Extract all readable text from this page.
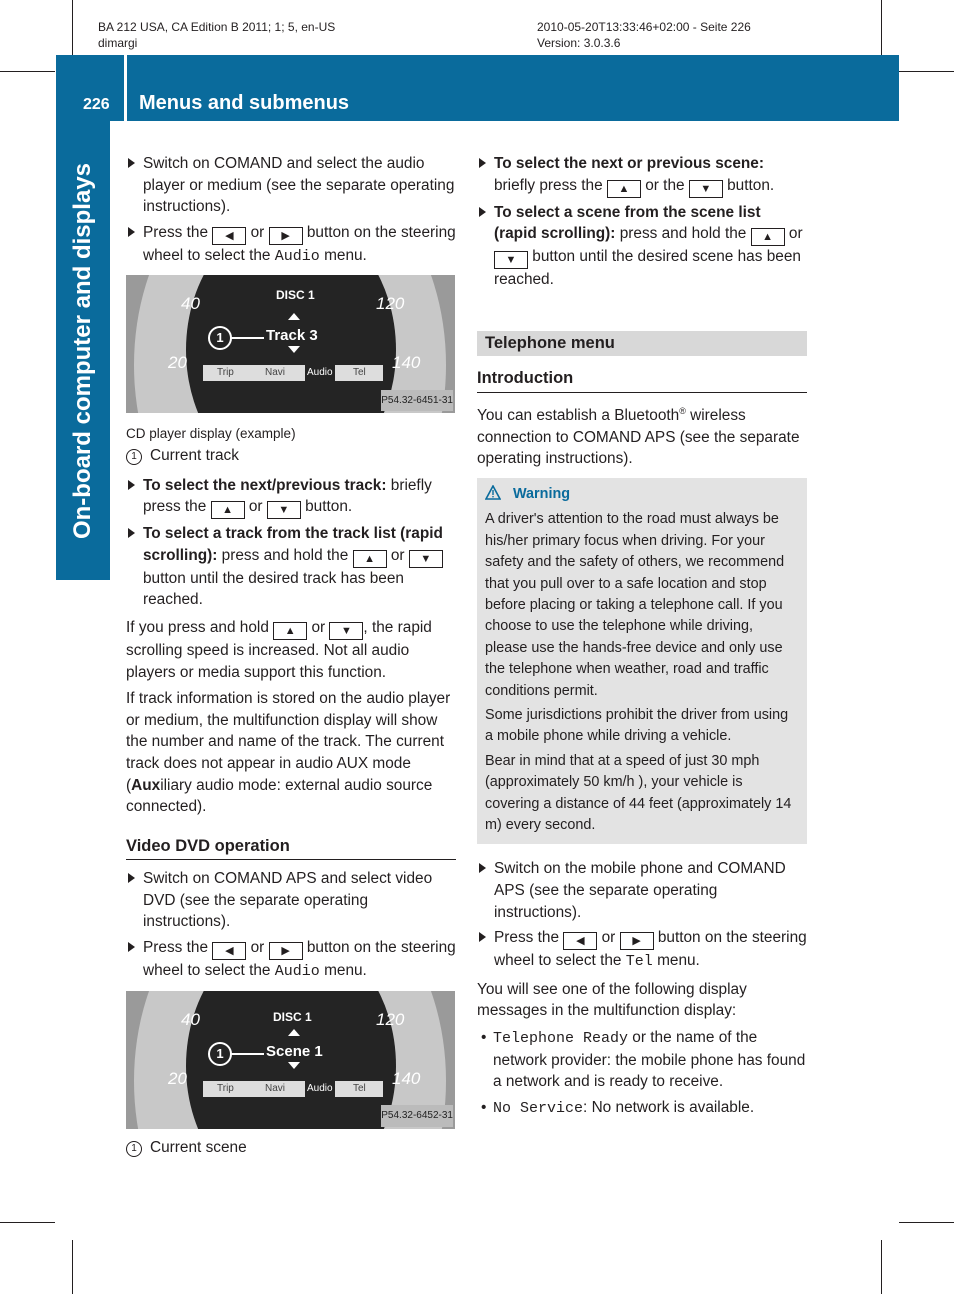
BA 212 USA, CA Edition B 2011; 1; 5, en-US
dimargi
2010-05-20T13:33:46+02:00 - Seite 226
Version: 3.0.3.6
226 Menus and submenus
On-board computer and displays	Switch on COMAND and select the audio player or medium (see the separate operating instructions).
Press the ◀ or ▶ button on the steering wheel to select the Audio menu.
40	120
20	140
DISC 1
Track 3
1
Trip	Navi Audio Tel
P54.32-6451-31
CD player display (example)
1 Current track
To select the next/previous track: briefly press the ▲ or ▼ button.
To select a track from the track list (rapid scrolling): press and hold the ▲ or ▼ button until the desired track has been reached.

If you press and hold ▲ or ▼ , the rapid scrolling speed is increased. Not all audio players or media support this function.

If track information is stored on the audio player or medium, the multifunction display will show the number and name of the track. The current track does not appear in audio AUX mode (Auxiliary audio mode: external audio source connected).

Video DVD operation
Switch on COMAND APS and select video DVD (see the separate operating instructions).
Press the ◀ or ▶ button on the steering wheel to select the Audio menu.
40	120
20	140
DISC 1
Scene 1
1
Trip	Navi Audio Tel
P54.32-6452-31
1 Current scene
To select the next or previous scene: briefly press the ▲ or the ▼ button.
To select a scene from the scene list (rapid scrolling): press and hold the ▲ or ▼ button until the desired scene has been reached.
Telephone menu
Introduction

You can establish a Bluetooth® wireless connection to COMAND APS (see the separate operating instructions).

Warning

A driver's attention to the road must always be his/her primary focus when driving. For your safety and the safety of others, we recommend that you pull over to a safe location and stop before placing or taking a telephone call. If you choose to use the telephone while driving, please use the hands-free device and only use the telephone when weather, road and traffic conditions permit.

Some jurisdictions prohibit the driver from using a mobile phone while driving a vehicle.

Bear in mind that at a speed of just 30 mph (approximately 50 km/h ), your vehicle is covering a distance of 44 feet (approximately 14 m) every second.

Switch on the mobile phone and COMAND APS (see the separate operating instructions).
Press the ◀ or ▶ button on the steering wheel to select the Tel menu.

You will see one of the following display messages in the multifunction display:

• Telephone Ready or the name of the network provider: the mobile phone has found a network and is ready to receive.
• No Service: No network is available.
